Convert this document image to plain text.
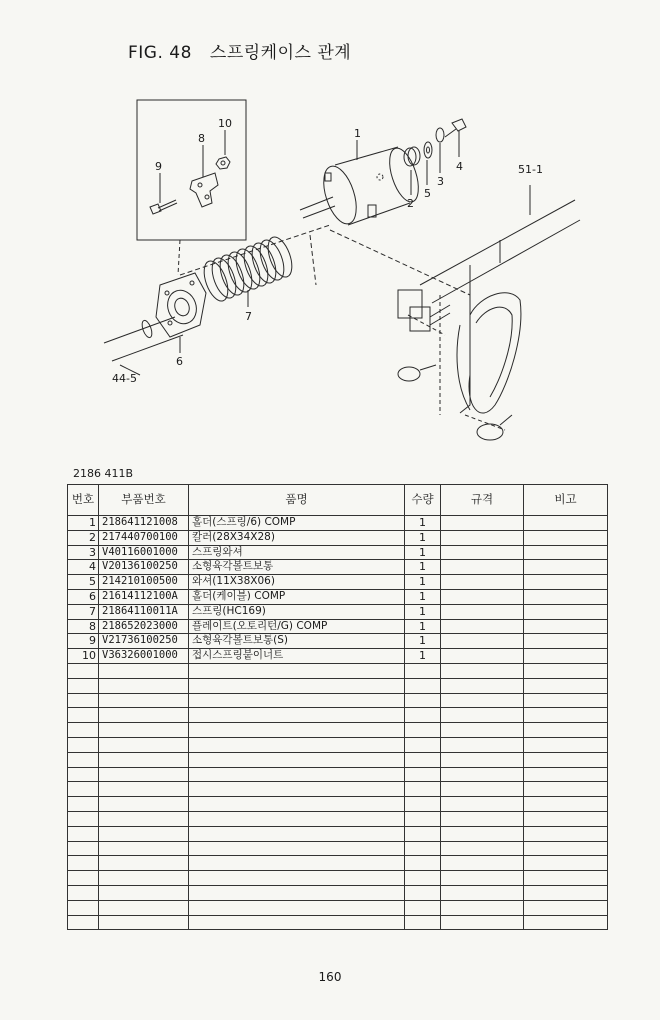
FIG. 48 스프링케이스 관계
1
2
3
4
5
6
7
8
9
10
51-1
44-5
2186 411B
번호	부품번호	품명	수량	규격	비고
1	218641121008	홀더(스프링/6) COMP	1		
2	217440700100	칼러(28X34X28)	1		
3	V40116001000	스프링와셔	1		
4	V20136100250	소형육각볼트보통	1		
5	214210100500	와셔(11X38X06)	1		
6	21614112100A	홀더(케이블) COMP	1		
7	21864110011A	스프링(HC169)	1		
8	218652023000	플레이트(오토리턴/G) COMP	1		
9	V21736100250	소형육각볼트보통(S)	1		
10	V36326001000	접시스프링붙이너트	1		

160
